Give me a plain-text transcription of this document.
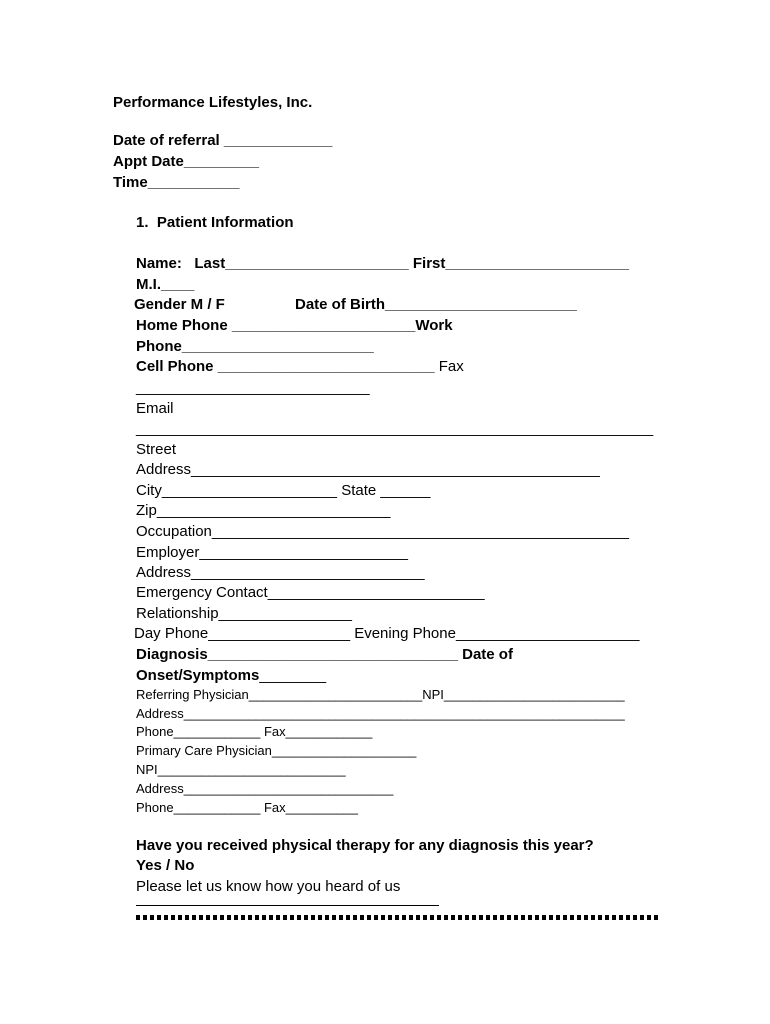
Performance Lifestyles, Inc.
Date of referral _____________
Appt Date_________
Time___________
1.  Patient Information
Name:   Last______________________ First______________________
M.I.____
Gender M / F	Date of Birth_______________________
Home Phone ______________________Work
Phone_______________________
Cell Phone __________________________ Fax
____________________________
Email
______________________________________________________________
Street
Address_________________________________________________
City_____________________ State ______
Zip____________________________
Occupation__________________________________________________
Employer_________________________
Address____________________________
Emergency Contact__________________________
Relationship________________
Day Phone_________________ Evening Phone______________________
Diagnosis______________________________ Date of
Onset/Symptoms________
Referring Physician________________________NPI_________________________
Address_____________________________________________________________
Phone____________ Fax____________
Primary Care Physician____________________
NPI__________________________
Address_____________________________
Phone____________ Fax__________
Have you received physical therapy for any diagnosis this year?
Yes / No
Please let us know how you heard of us
